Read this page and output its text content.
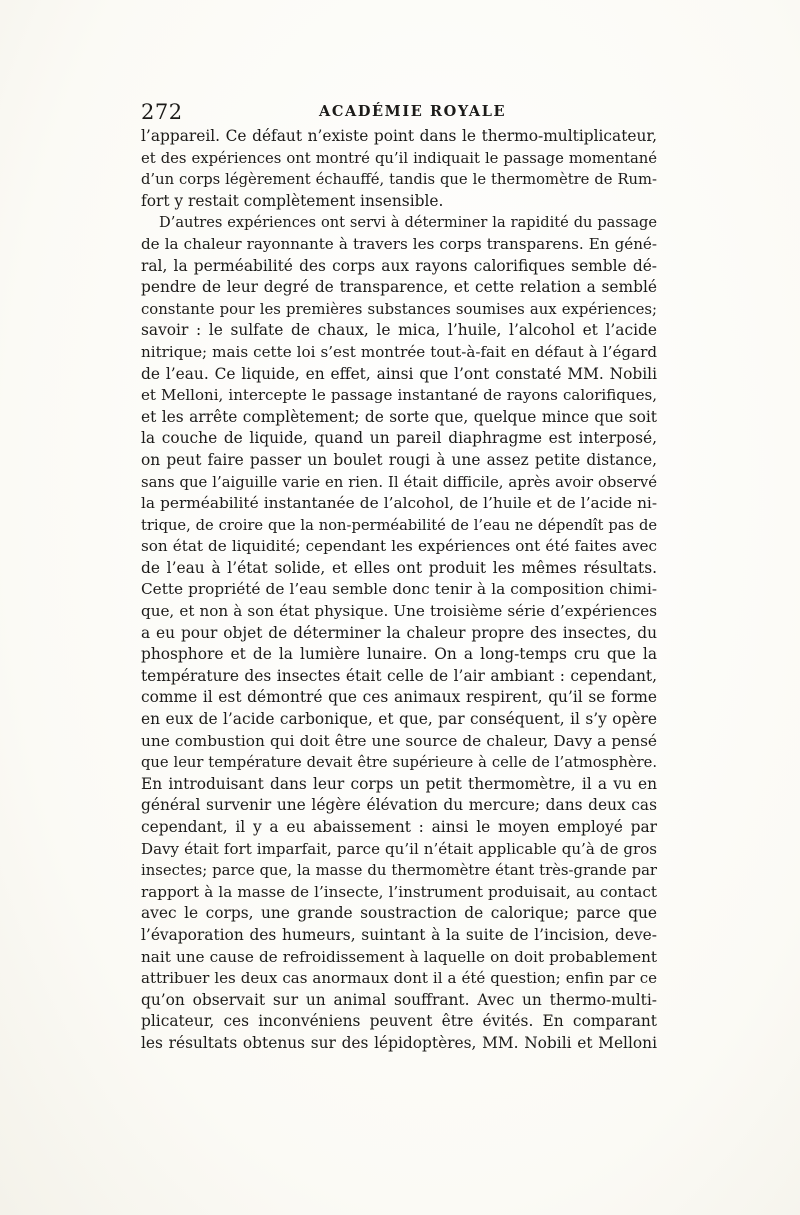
272	ACADÉMIE ROYALE
l’appareil. Ce défaut n’existe point dans le thermo-multiplicateur,
et des expériences ont montré qu’il indiquait le passage momentané
d’un corps légèrement échauffé, tandis que le thermomètre de Rum-
fort y restait complètement insensible.
D’autres expériences ont servi à déterminer la rapidité du passage
de la chaleur rayonnante à travers les corps transparens. En géné-
ral, la perméabilité des corps aux rayons calorifiques semble dé-
pendre de leur degré de transparence, et cette relation a semblé
constante pour les premières substances soumises aux expériences;
savoir : le sulfate de chaux, le mica, l’huile, l’alcohol et l’acide
nitrique; mais cette loi s’est montrée tout-à-fait en défaut à l’égard
de l’eau. Ce liquide, en effet, ainsi que l’ont constaté MM. Nobili
et Melloni, intercepte le passage instantané de rayons calorifiques,
et les arrête complètement; de sorte que, quelque mince que soit
la couche de liquide, quand un pareil diaphragme est interposé,
on peut faire passer un boulet rougi à une assez petite distance,
sans que l’aiguille varie en rien. Il était difficile, après avoir observé
la perméabilité instantanée de l’alcohol, de l’huile et de l’acide ni-
trique, de croire que la non-perméabilité de l’eau ne dépendît pas de
son état de liquidité; cependant les expériences ont été faites avec
de l’eau à l’état solide, et elles ont produit les mêmes résultats.
Cette propriété de l’eau semble donc tenir à la composition chimi-
que, et non à son état physique. Une troisième série d’expériences
a eu pour objet de déterminer la chaleur propre des insectes, du
phosphore et de la lumière lunaire. On a long-temps cru que la
température des insectes était celle de l’air ambiant : cependant,
comme il est démontré que ces animaux respirent, qu’il se forme
en eux de l’acide carbonique, et que, par conséquent, il s’y opère
une combustion qui doit être une source de chaleur, Davy a pensé
que leur température devait être supérieure à celle de l’atmosphère.
En introduisant dans leur corps un petit thermomètre, il a vu en
général survenir une légère élévation du mercure; dans deux cas
cependant, il y a eu abaissement : ainsi le moyen employé par
Davy était fort imparfait, parce qu’il n’était applicable qu’à de gros
insectes; parce que, la masse du thermomètre étant très-grande par
rapport à la masse de l’insecte, l’instrument produisait, au contact
avec le corps, une grande soustraction de calorique; parce que
l’évaporation des humeurs, suintant à la suite de l’incision, deve-
nait une cause de refroidissement à laquelle on doit probablement
attribuer les deux cas anormaux dont il a été question; enfin par ce
qu’on observait sur un animal souffrant. Avec un thermo-multi-
plicateur, ces inconvéniens peuvent être évités. En comparant
les résultats obtenus sur des lépidoptères, MM. Nobili et Melloni
